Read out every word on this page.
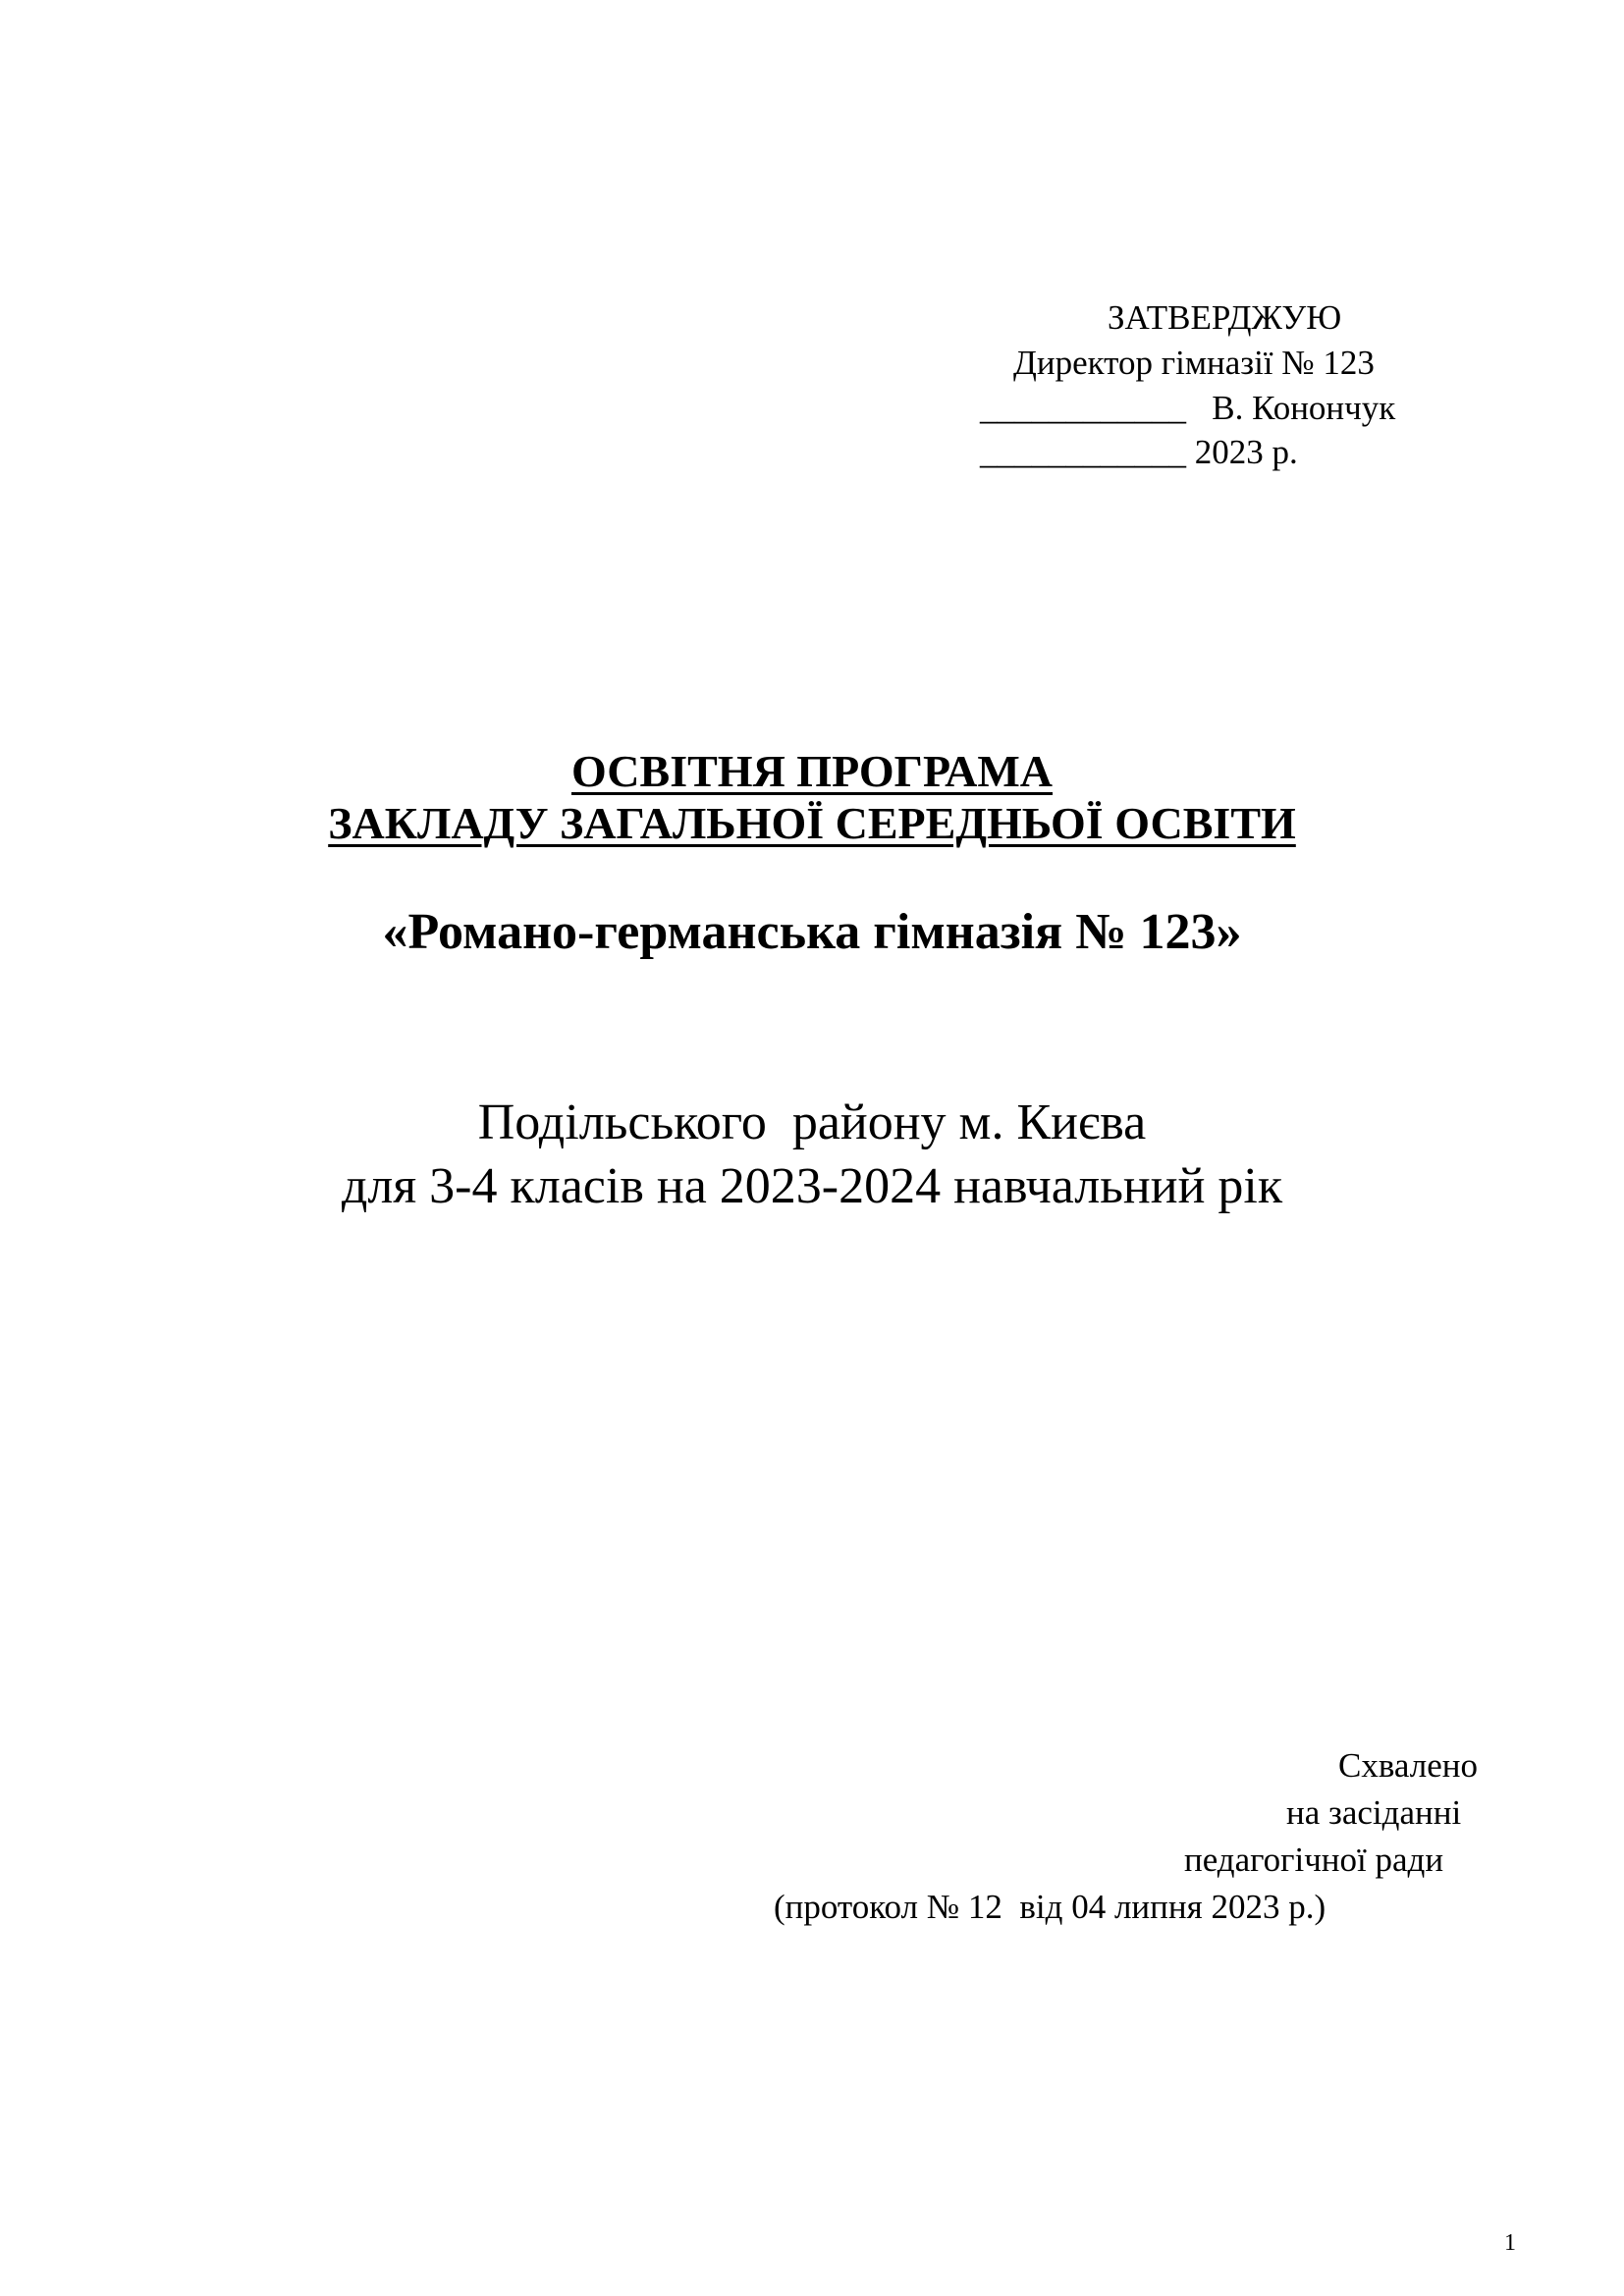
ЗАТВЕРДЖУЮ
Директор гімназії № 123
____________   В. Конончук
____________ 2023 р.
ОСВІТНЯ ПРОГРАМА
ЗАКЛАДУ ЗАГАЛЬНОЇ СЕРЕДНЬОЇ ОСВІТИ
«Романо-германська гімназія № 123»
Подільського  району м. Києва
для 3-4 класів на 2023-2024 навчальний рік
Схвалено
на засіданні
педагогічної ради
(протокол № 12  від 04 липня 2023 р.)
1
